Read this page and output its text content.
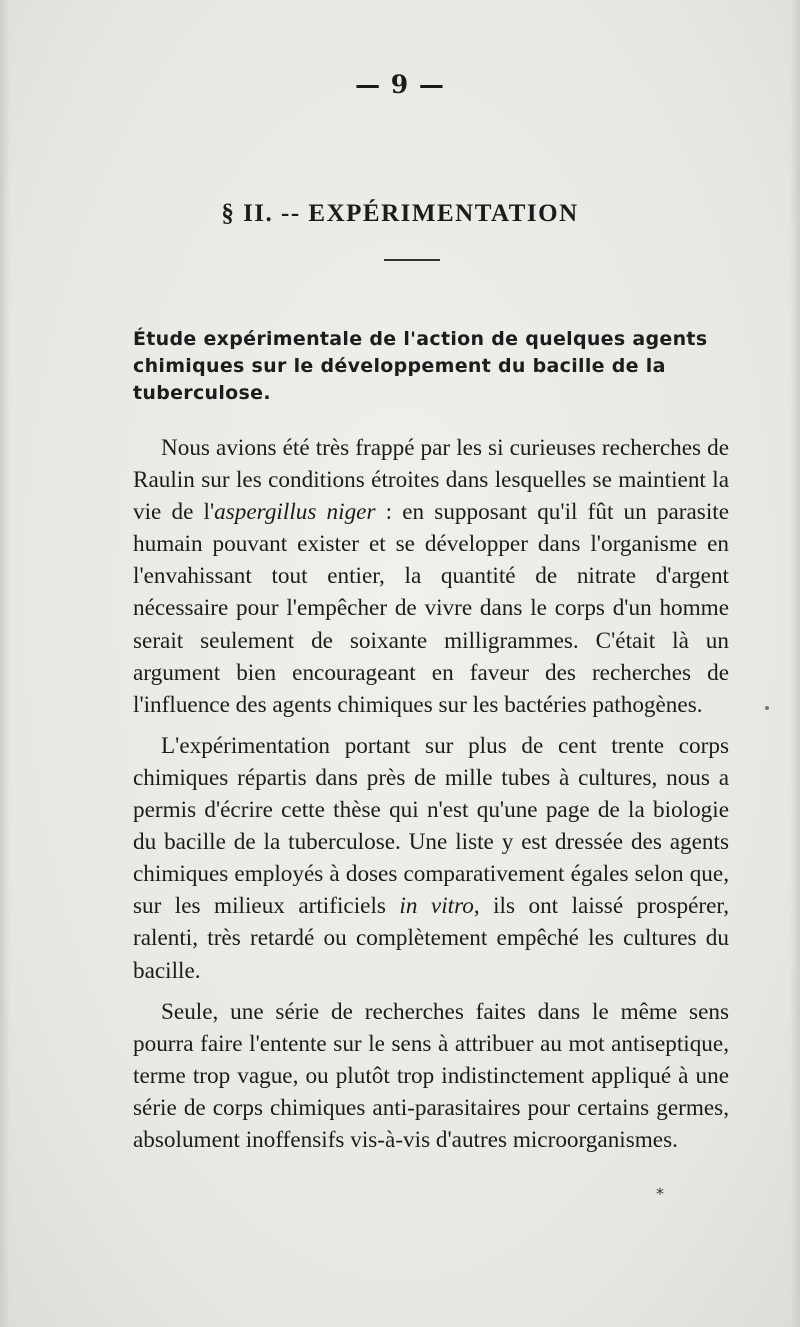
— 9 —
§ II. -- EXPÉRIMENTATION

Étude expérimentale de l'action de quelques agents chimiques sur le développement du bacille de la tuberculose.

Nous avions été très frappé par les si curieuses recherches de Raulin sur les conditions étroites dans lesquelles se maintient la vie de l'aspergillus niger : en supposant qu'il fût un parasite humain pouvant exister et se développer dans l'organisme en l'envahissant tout entier, la quantité de nitrate d'argent nécessaire pour l'empêcher de vivre dans le corps d'un homme serait seulement de soixante milligrammes. C'était là un argument bien encourageant en faveur des recherches de l'influence des agents chimiques sur les bactéries pathogènes.

L'expérimentation portant sur plus de cent trente corps chimiques répartis dans près de mille tubes à cultures, nous a permis d'écrire cette thèse qui n'est qu'une page de la biologie du bacille de la tuberculose. Une liste y est dressée des agents chimiques employés à doses comparativement égales selon que, sur les milieux artificiels in vitro, ils ont laissé prospérer, ralenti, très retardé ou complètement empêché les cultures du bacille.

Seule, une série de recherches faites dans le même sens pourra faire l'entente sur le sens à attribuer au mot antiseptique, terme trop vague, ou plutôt trop indistinctement appliqué à une série de corps chimiques anti-parasitaires pour certains germes, absolument inoffensifs vis-à-vis d'autres microorganismes.

*
